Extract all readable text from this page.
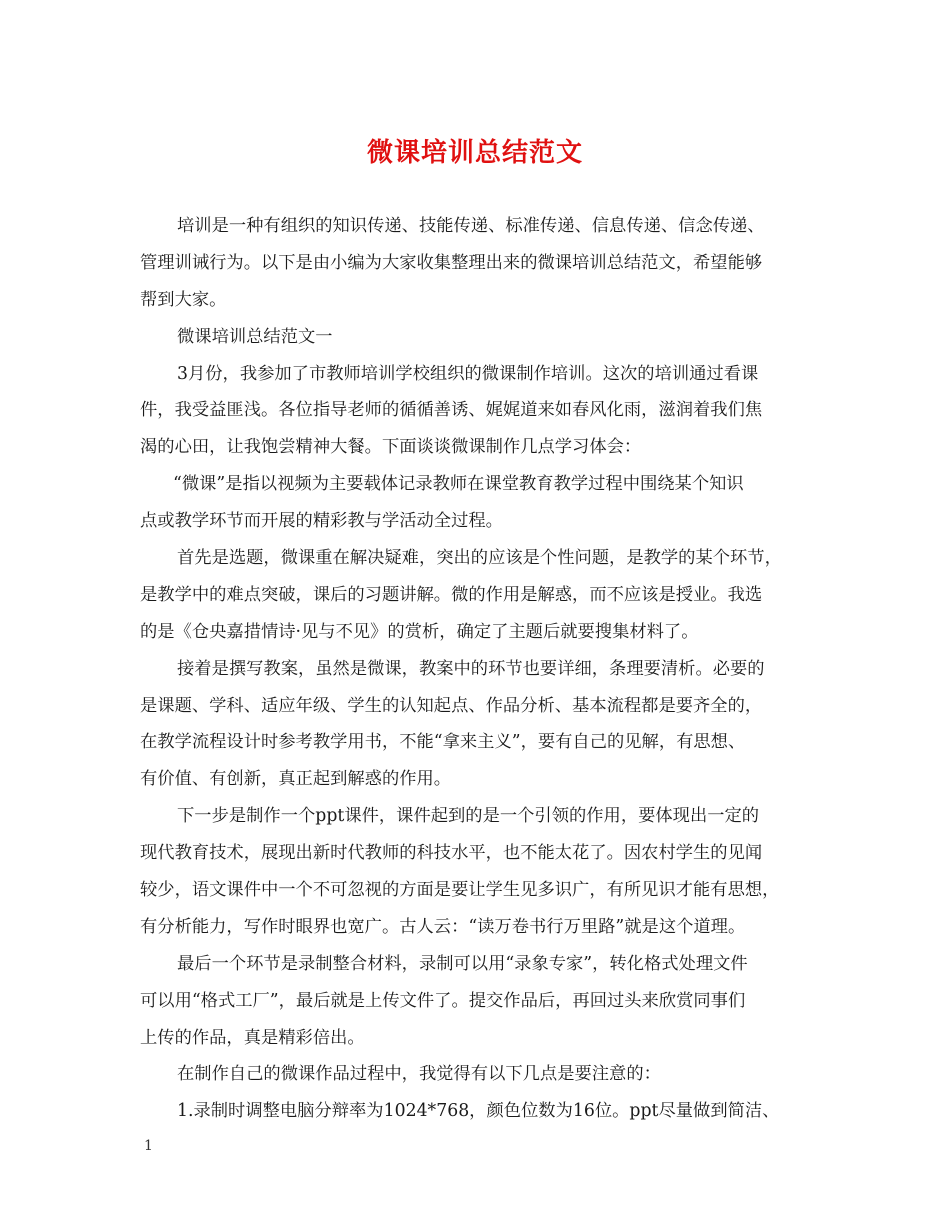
微课培训总结范文
培训是一种有组织的知识传递、技能传递、标准传递、信息传递、信念传递、
管理训诫行为。以下是由小编为大家收集整理出来的微课培训总结范文，希望能够
帮到大家。
微课培训总结范文一
3月份，我参加了市教师培训学校组织的微课制作培训。这次的培训通过看课
件，我受益匪浅。各位指导老师的循循善诱、娓娓道来如春风化雨，滋润着我们焦
渴的心田，让我饱尝精神大餐。下面谈谈微课制作几点学习体会：
“微课”是指以视频为主要载体记录教师在课堂教育教学过程中围绕某个知识
点或教学环节而开展的精彩教与学活动全过程。
首先是选题，微课重在解决疑难，突出的应该是个性问题，是教学的某个环节，
是教学中的难点突破，课后的习题讲解。微的作用是解惑，而不应该是授业。我选
的是《仓央嘉措情诗·见与不见》的赏析，确定了主题后就要搜集材料了。
接着是撰写教案，虽然是微课，教案中的环节也要详细，条理要清析。必要的
是课题、学科、适应年级、学生的认知起点、作品分析、基本流程都是要齐全的，
在教学流程设计时参考教学用书，不能“拿来主义”，要有自己的见解，有思想、
有价值、有创新，真正起到解惑的作用。
下一步是制作一个ppt课件，课件起到的是一个引领的作用，要体现出一定的
现代教育技术，展现出新时代教师的科技水平，也不能太花了。因农村学生的见闻
较少，语文课件中一个不可忽视的方面是要让学生见多识广，有所见识才能有思想，
有分析能力，写作时眼界也宽广。古人云：“读万卷书行万里路”就是这个道理。
最后一个环节是录制整合材料，录制可以用“录象专家”，转化格式处理文件
可以用“格式工厂”，最后就是上传文件了。提交作品后，再回过头来欣赏同事们
上传的作品，真是精彩倍出。
在制作自己的微课作品过程中，我觉得有以下几点是要注意的：
1.录制时调整电脑分辩率为1024*768，颜色位数为16位。ppt尽量做到简洁、
1
